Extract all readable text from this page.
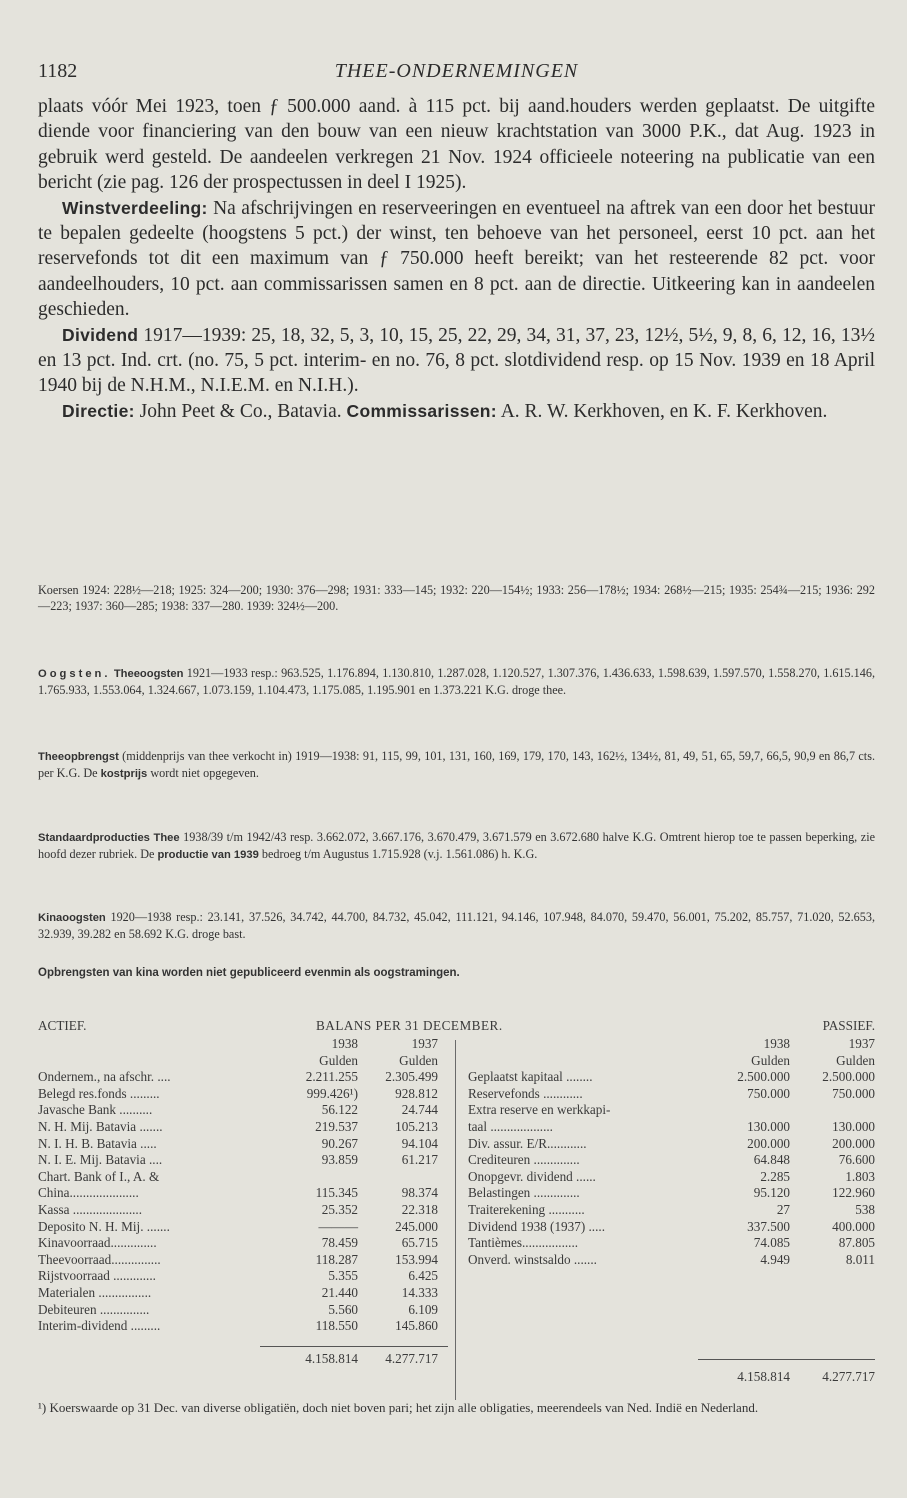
1182	THEE-ONDERNEMINGEN

plaats vóór Mei 1923, toen ƒ 500.000 aand. à 115 pct. bij aand.houders werden geplaatst. De uitgifte diende voor financiering van den bouw van een nieuw krachtstation van 3000 P.K., dat Aug. 1923 in gebruik werd gesteld. De aandeelen verkregen 21 Nov. 1924 officieele noteering na publicatie van een bericht (zie pag. 126 der prospectussen in deel I 1925).

Winstverdeeling: Na afschrijvingen en reserveeringen en eventueel na aftrek van een door het bestuur te bepalen gedeelte (hoogstens 5 pct.) der winst, ten behoeve van het personeel, eerst 10 pct. aan het reservefonds tot dit een maximum van ƒ 750.000 heeft bereikt; van het resteerende 82 pct. voor aandeelhouders, 10 pct. aan commissarissen samen en 8 pct. aan de directie. Uitkeering kan in aandeelen geschieden.

Dividend 1917—1939: 25, 18, 32, 5, 3, 10, 15, 25, 22, 29, 34, 31, 37, 23, 12½, 5½, 9, 8, 6, 12, 16, 13½ en 13 pct. Ind. crt. (no. 75, 5 pct. interim- en no. 76, 8 pct. slotdividend resp. op 15 Nov. 1939 en 18 April 1940 bij de N.H.M., N.I.E.M. en N.I.H.).

Directie: John Peet & Co., Batavia. Commissarissen: A. R. W. Kerkhoven, en K. F. Kerkhoven.

Koersen 1924: 228½—218; 1925: 324—200; 1930: 376—298; 1931: 333—145; 1932: 220—154½; 1933: 256—178½; 1934: 268½—215; 1935: 254¾—215; 1936: 292—223; 1937: 360—285; 1938: 337—280. 1939: 324½—200.
Oogsten. Theeoogsten 1921—1933 resp.: 963.525, 1.176.894, 1.130.810, 1.287.028, 1.120.527, 1.307.376, 1.436.633, 1.598.639, 1.597.570, 1.558.270, 1.615.146, 1.765.933, 1.553.064, 1.324.667, 1.073.159, 1.104.473, 1.175.085, 1.195.901 en 1.373.221 K.G. droge thee.
Theeopbrengst (middenprijs van thee verkocht in) 1919—1938: 91, 115, 99, 101, 131, 160, 169, 179, 170, 143, 162½, 134½, 81, 49, 51, 65, 59,7, 66,5, 90,9 en 86,7 cts. per K.G. De kostprijs wordt niet opgegeven.
Standaardproducties Thee 1938/39 t/m 1942/43 resp. 3.662.072, 3.667.176, 3.670.479, 3.671.579 en 3.672.680 halve K.G. Omtrent hierop toe te passen beperking, zie hoofd dezer rubriek. De productie van 1939 bedroeg t/m Augustus 1.715.928 (v.j. 1.561.086) h. K.G.
Kinaoogsten 1920—1938 resp.: 23.141, 37.526, 34.742, 44.700, 84.732, 45.042, 111.121, 94.146, 107.948, 84.070, 59.470, 56.001, 75.202, 85.757, 71.020, 52.653, 32.939, 39.282 en 58.692 K.G. droge bast.
Opbrengsten van kina worden niet gepubliceerd evenmin als oogstramingen.
ACTIEF.	BALANS PER 31 DECEMBER.	PASSIEF.
1938	1937
Gulden	Gulden
Ondernem., na afschr. ....	2.211.255	2.305.499
Belegd res.fonds .........	999.426¹)	928.812
Javasche Bank ..........	56.122	24.744
N. H. Mij. Batavia .......	219.537	105.213
N. I. H. B. Batavia .....	90.267	94.104
N. I. E. Mij. Batavia ....	93.859	61.217
Chart. Bank of I., A. &
China.....................	115.345	98.374
Kassa .....................	25.352	22.318
Deposito N. H. Mij. .......	———	245.000
Kinavoorraad..............	78.459	65.715
Theevoorraad...............	118.287	153.994
Rijstvoorraad .............	5.355	6.425
Materialen ................	21.440	14.333
Debiteuren ...............	5.560	6.109
Interim-dividend .........	118.550	145.860
4.158.814	4.277.717
1938	1937
Gulden	Gulden
Geplaatst kapitaal ........	2.500.000	2.500.000
Reservefonds ............	750.000	750.000
Extra reserve en werkkapi-
taal ...................	130.000	130.000
Div. assur. E/R............	200.000	200.000
Crediteuren ..............	64.848	76.600
Onopgevr. dividend ......	2.285	1.803
Belastingen ..............	95.120	122.960
Traiterekening ...........	27	538
Dividend 1938 (1937) .....	337.500	400.000
Tantièmes.................	74.085	87.805
Onverd. winstsaldo .......	4.949	8.011
4.158.814	4.277.717
¹) Koerswaarde op 31 Dec. van diverse obligatiën, doch niet boven pari; het zijn alle obligaties, meerendeels van Ned. Indië en Nederland.
